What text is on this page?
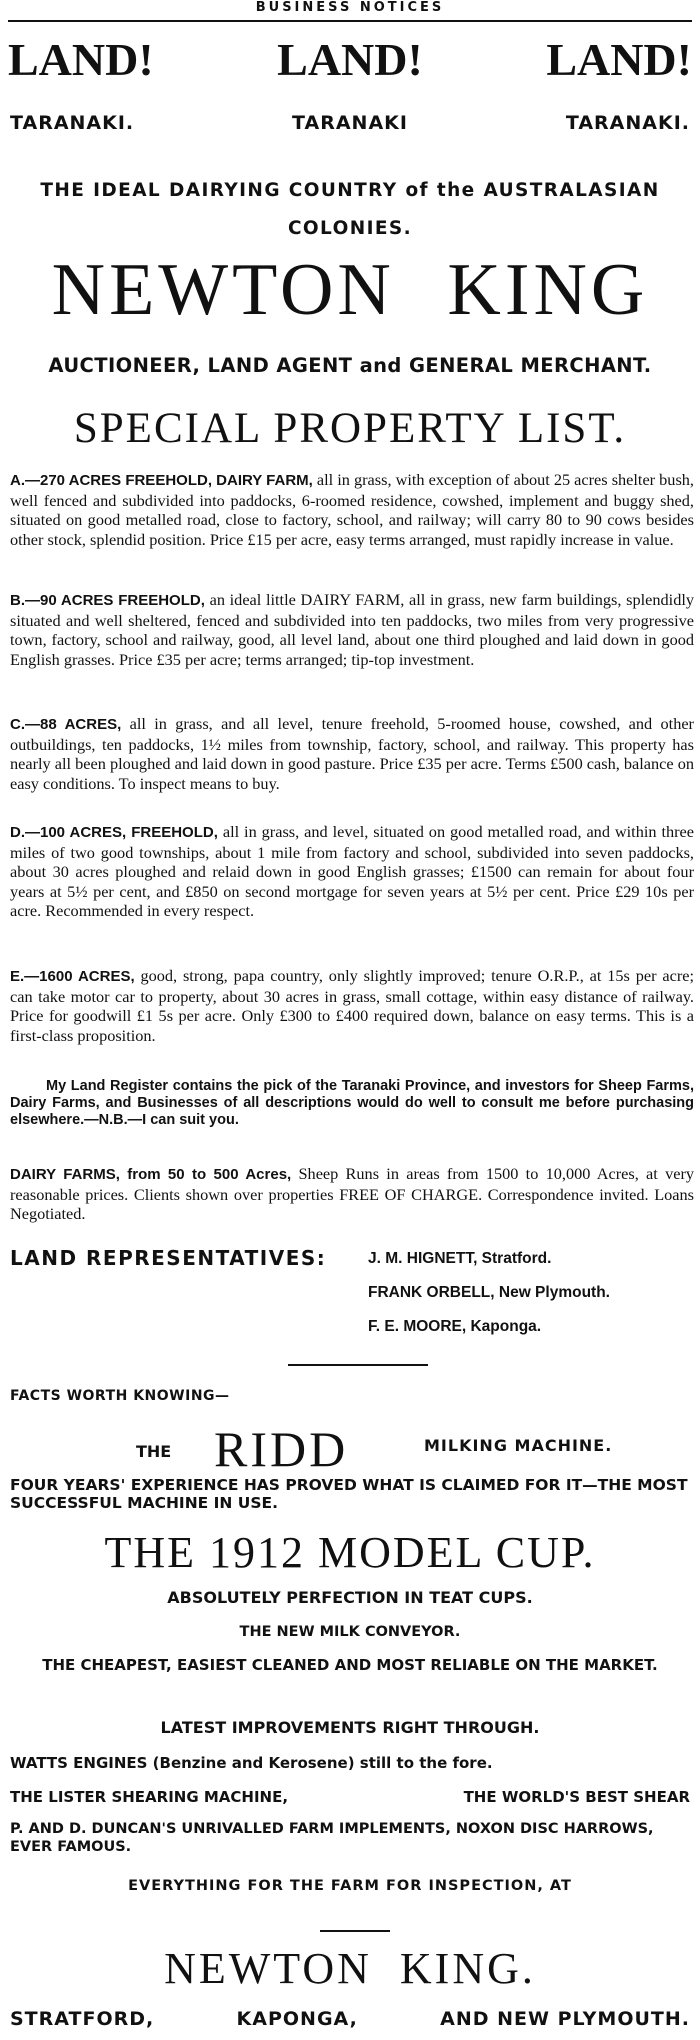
BUSINESS NOTICES
LAND!	LAND!	LAND!
TARANAKI.	TARANAKI	TARANAKI.
THE IDEAL DAIRYING COUNTRY of the AUSTRALASIAN
COLONIES.
NEWTON KING
AUCTIONEER, LAND AGENT and GENERAL MERCHANT.
SPECIAL PROPERTY LIST.
A.—270 ACRES FREEHOLD, DAIRY FARM, all in grass, with exception of about 25 acres shelter bush, well fenced and subdivided into paddocks, 6-roomed residence, cowshed, implement and buggy shed, situated on good metalled road, close to factory, school, and railway; will carry 80 to 90 cows besides other stock, splendid position. Price £15 per acre, easy terms arranged, must rapidly increase in value.
B.—90 ACRES FREEHOLD, an ideal little DAIRY FARM, all in grass, new farm buildings, splendidly situated and well sheltered, fenced and subdivided into ten paddocks, two miles from very progressive town, factory, school and railway, good, all level land, about one third ploughed and laid down in good English grasses. Price £35 per acre; terms arranged; tip-top investment.
C.—88 ACRES, all in grass, and all level, tenure freehold, 5-roomed house, cowshed, and other outbuildings, ten paddocks, 1½ miles from township, factory, school, and railway. This property has nearly all been ploughed and laid down in good pasture. Price £35 per acre. Terms £500 cash, balance on easy conditions. To inspect means to buy.
D.—100 ACRES, FREEHOLD, all in grass, and level, situated on good metalled road, and within three miles of two good townships, about 1 mile from factory and school, subdivided into seven paddocks, about 30 acres ploughed and relaid down in good English grasses; £1500 can remain for about four years at 5½ per cent, and £850 on second mortgage for seven years at 5½ per cent. Price £29 10s per acre. Recommended in every respect.
E.—1600 ACRES, good, strong, papa country, only slightly improved; tenure O.R.P., at 15s per acre; can take motor car to property, about 30 acres in grass, small cottage, within easy distance of railway. Price for goodwill £1 5s per acre. Only £300 to £400 required down, balance on easy terms. This is a first-class proposition.
My Land Register contains the pick of the Taranaki Province, and investors for Sheep Farms, Dairy Farms, and Businesses of all descriptions would do well to consult me before purchasing elsewhere.—N.B.—I can suit you.
DAIRY FARMS, from 50 to 500 Acres, Sheep Runs in areas from 1500 to 10,000 Acres, at very reasonable prices. Clients shown over properties FREE OF CHARGE. Correspondence invited. Loans Negotiated.
LAND REPRESENTATIVES:	J. M. HIGNETT, Stratford.
FRANK ORBELL, New Plymouth.
F. E. MOORE, Kaponga.
FACTS WORTH KNOWING—
THE RIDD	MILKING MACHINE.
FOUR YEARS' EXPERIENCE HAS PROVED WHAT IS CLAIMED FOR IT—THE MOST SUCCESSFUL MACHINE IN USE.
THE 1912 MODEL CUP.
ABSOLUTELY PERFECTION IN TEAT CUPS.
THE NEW MILK CONVEYOR.
THE CHEAPEST, EASIEST CLEANED AND MOST RELIABLE ON THE MARKET.
LATEST IMPROVEMENTS RIGHT THROUGH.
WATTS ENGINES (Benzine and Kerosene) still to the fore.
THE LISTER SHEARING MACHINE,	THE WORLD'S BEST SHEAR
P. AND D. DUNCAN'S UNRIVALLED FARM IMPLEMENTS, NOXON DISC HARROWS, EVER FAMOUS.
EVERYTHING FOR THE FARM FOR INSPECTION, AT
NEWTON KING.
STRATFORD,	KAPONGA,	AND NEW PLYMOUTH.
